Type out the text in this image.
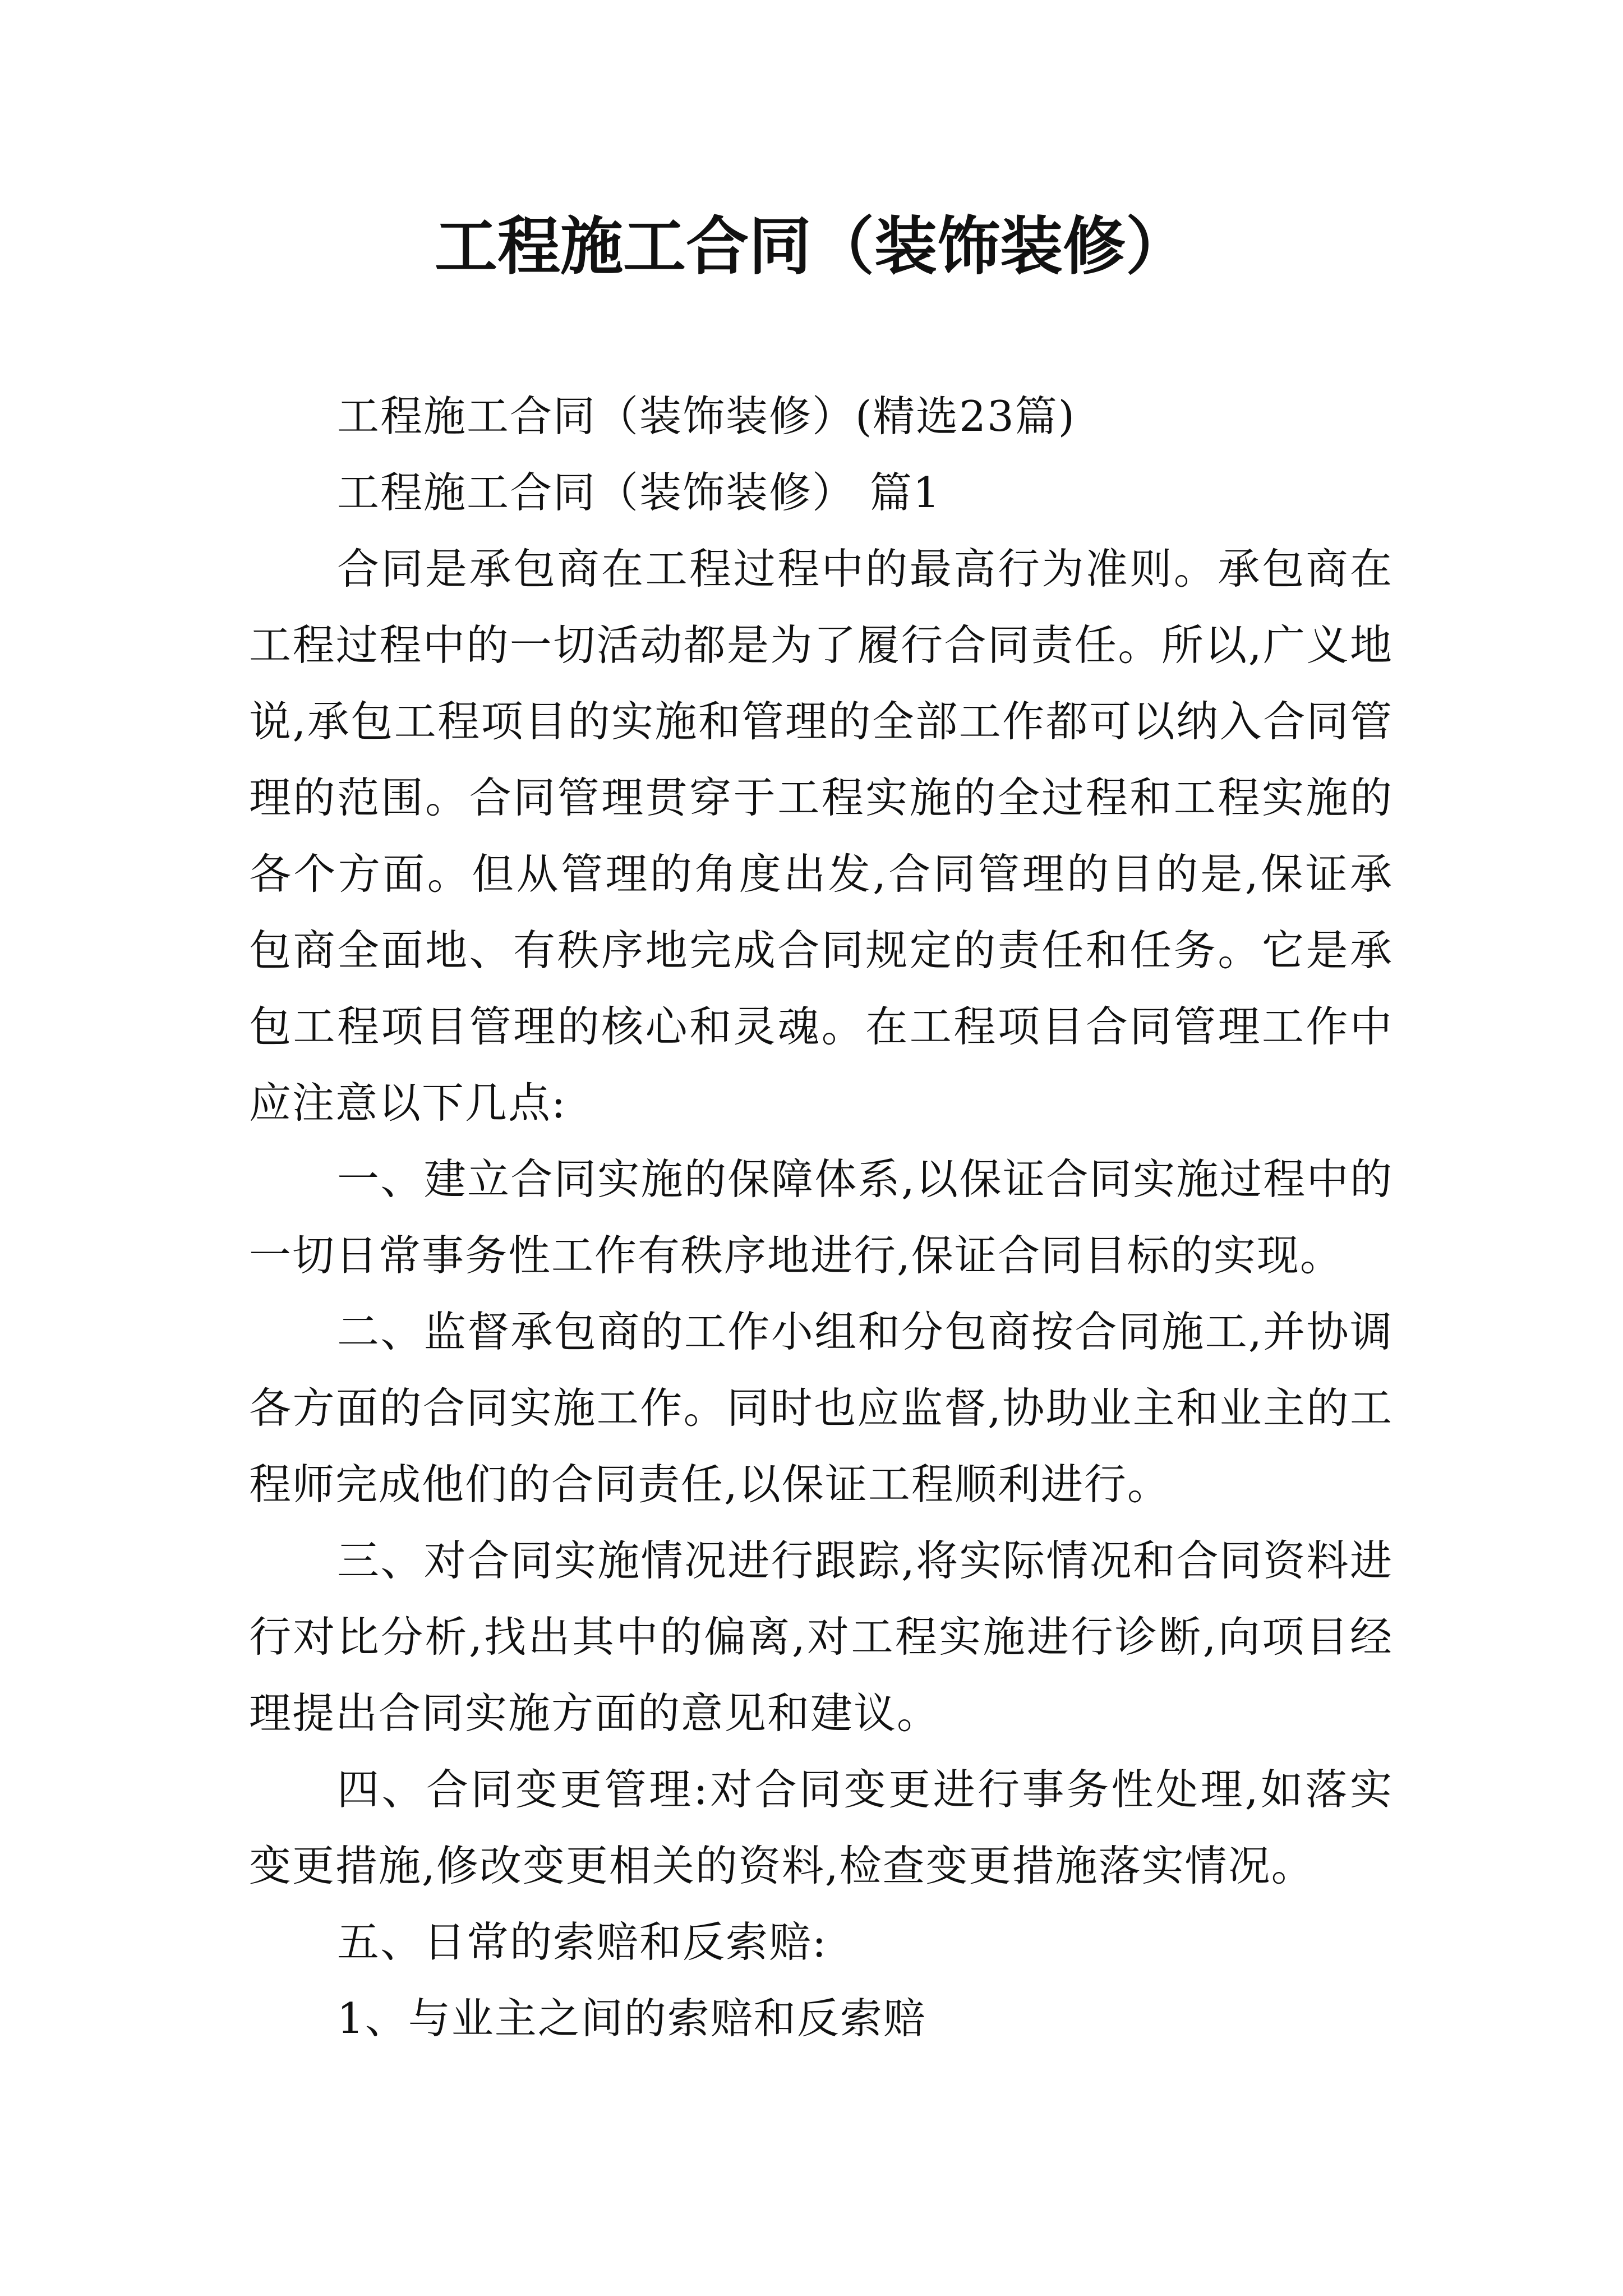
工程施工合同（装饰装修）

工程施工合同（装饰装修）(精选23篇)

工程施工合同（装饰装修） 篇1

合同是承包商在工程过程中的最高行为准则。承包商在工程过程中的一切活动都是为了履行合同责任。所以,广义地说,承包工程项目的实施和管理的全部工作都可以纳入合同管理的范围。合同管理贯穿于工程实施的全过程和工程实施的各个方面。但从管理的角度出发,合同管理的目的是,保证承包商全面地、有秩序地完成合同规定的责任和任务。它是承包工程项目管理的核心和灵魂。在工程项目合同管理工作中应注意以下几点:

一、建立合同实施的保障体系,以保证合同实施过程中的一切日常事务性工作有秩序地进行,保证合同目标的实现。

二、监督承包商的工作小组和分包商按合同施工,并协调各方面的合同实施工作。同时也应监督,协助业主和业主的工程师完成他们的合同责任,以保证工程顺利进行。

三、对合同实施情况进行跟踪,将实际情况和合同资料进行对比分析,找出其中的偏离,对工程实施进行诊断,向项目经理提出合同实施方面的意见和建议。

四、合同变更管理:对合同变更进行事务性处理,如落实变更措施,修改变更相关的资料,检查变更措施落实情况。

五、日常的索赔和反索赔:

1、与业主之间的索赔和反索赔
